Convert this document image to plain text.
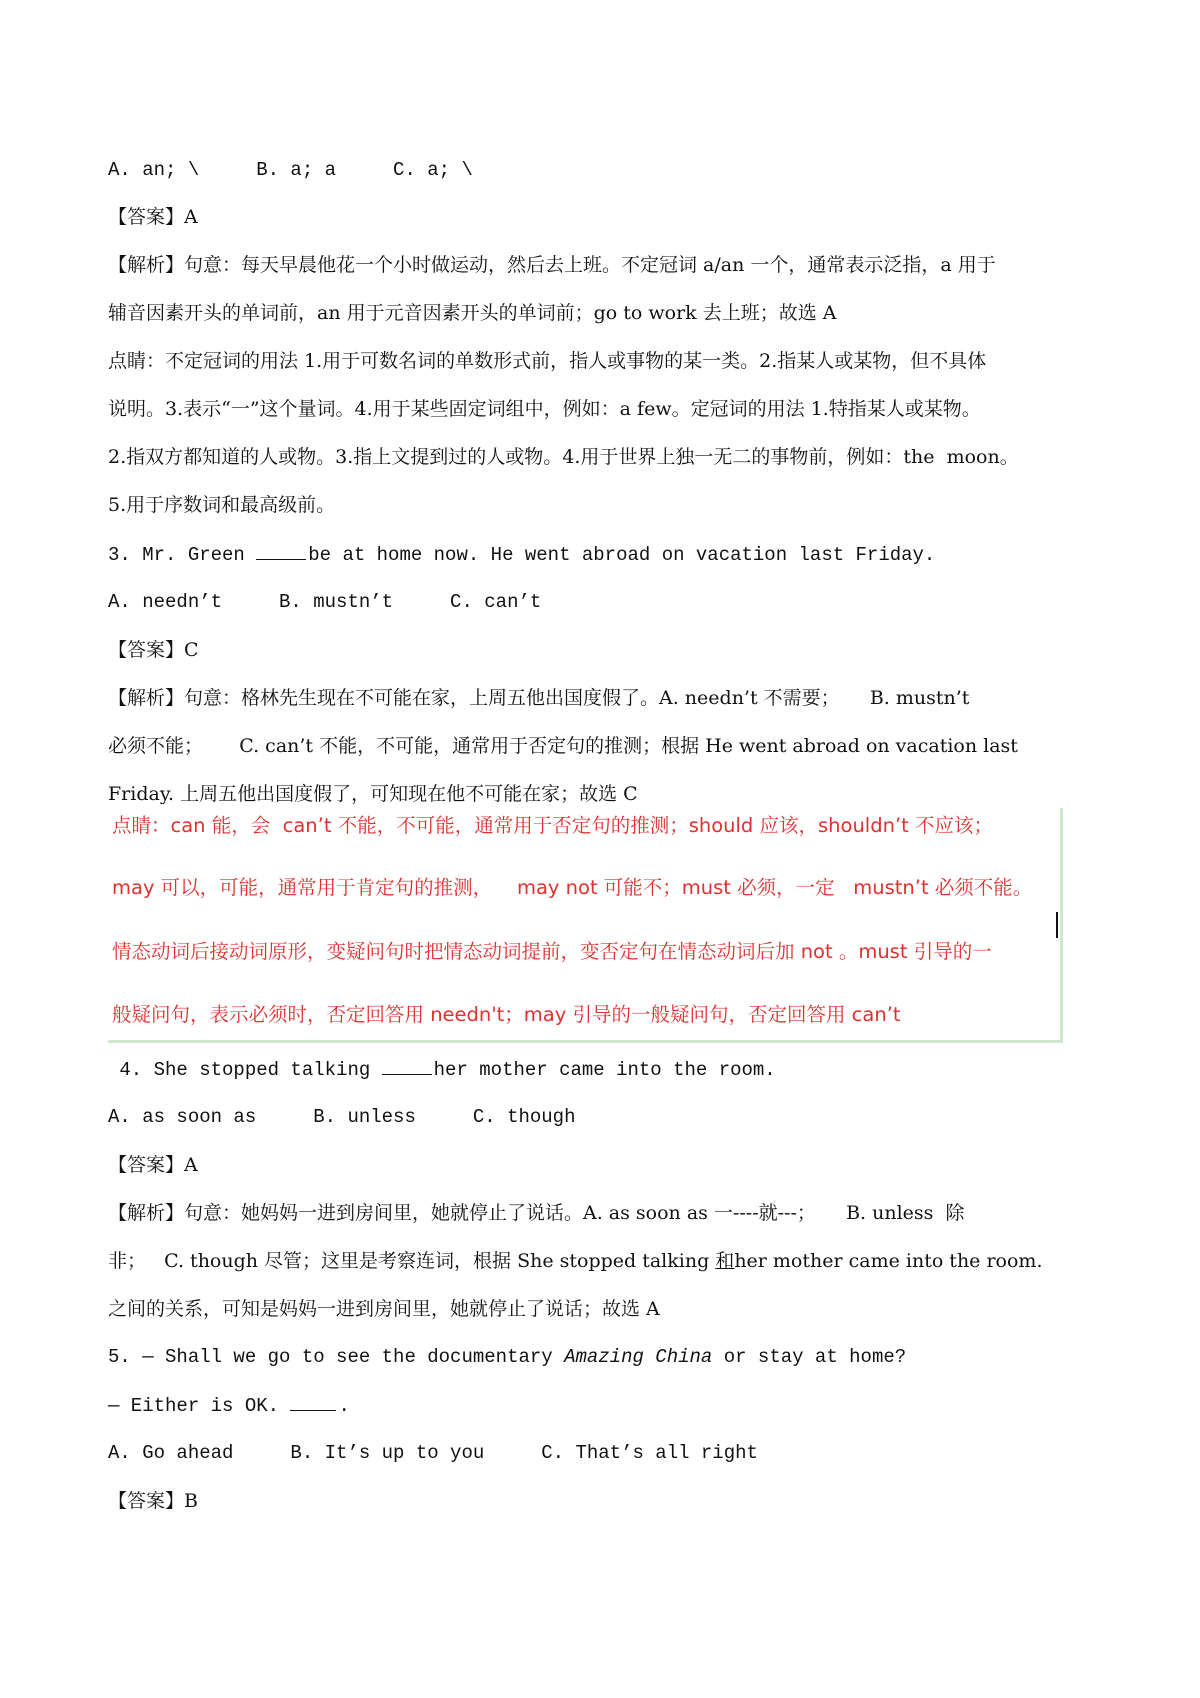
A. an; \     B. a; a     C. a; \
【答案】A
【解析】句意：每天早晨他花一个小时做运动，然后去上班。不定冠词 a/an 一个，通常表示泛指，a 用于
辅音因素开头的单词前，an 用于元音因素开头的单词前；go to work 去上班；故选 A
点睛：不定冠词的用法 1.用于可数名词的单数形式前，指人或事物的某一类。2.指某人或某物，但不具体
说明。3.表示“一”这个量词。4.用于某些固定词组中，例如：a few。定冠词的用法 1.特指某人或某物。
2.指双方都知道的人或物。3.指上文提到过的人或物。4.用于世界上独一无二的事物前，例如：the  moon。
5.用于序数词和最高级前。
3. Mr. Green	be at home now. He went abroad on vacation last Friday.
A. needn’t     B. mustn’t     C. can’t
【答案】C
【解析】句意：格林先生现在不可能在家，上周五他出国度假了。A. needn’t 不需要；     B. mustn’t
必须不能；      C. can’t 不能，不可能，通常用于否定句的推测；根据 He went abroad on vacation last
Friday. 上周五他出国度假了，可知现在他不可能在家；故选 C
点睛：can 能，会  can’t 不能，不可能，通常用于否定句的推测；should 应该，shouldn’t 不应该；
may 可以，可能，通常用于肯定句的推测，    may not 可能不；must 必须，一定   mustn’t 必须不能。
情态动词后接动词原形，变疑问句时把情态动词提前，变否定句在情态动词后加 not 。must 引导的一
般疑问句，表示必须时，否定回答用 needn't；may 引导的一般疑问句，否定回答用 can’t
4. She stopped talking	her mother came into the room.
A. as soon as     B. unless     C. though
【答案】A
【解析】句意：她妈妈一进到房间里，她就停止了说话。A. as soon as 一----就---；     B. unless  除
非；   C. though 尽管；这里是考察连词，根据 She stopped talking 和her mother came into the room.
之间的关系，可知是妈妈一进到房间里，她就停止了说话；故选 A
5. — Shall we go to see the documentary Amazing China or stay at home?
— Either is OK.	.
A. Go ahead     B. It’s up to you     C. That’s all right
【答案】B
